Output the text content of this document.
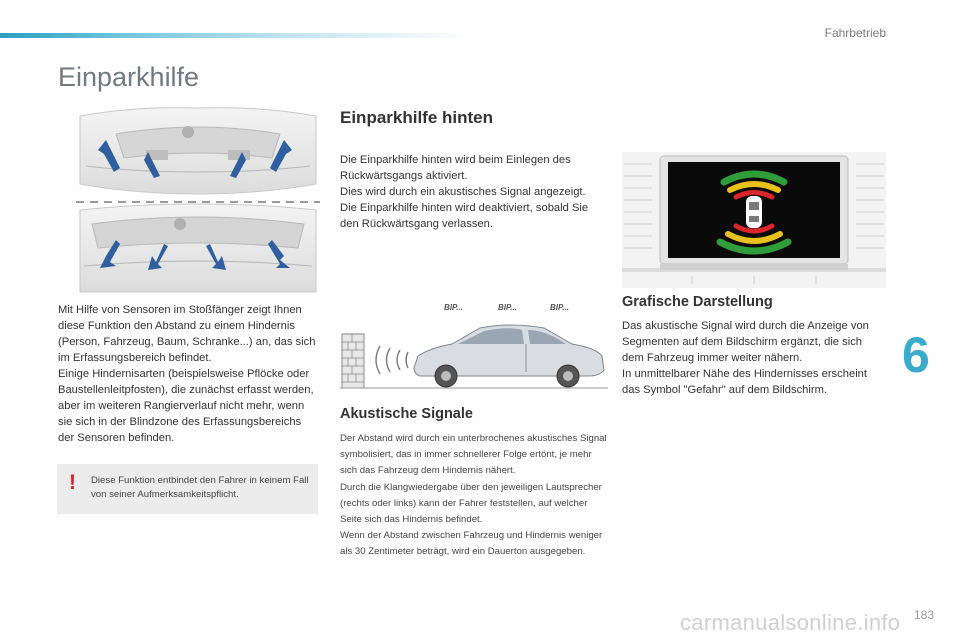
Fahrbetrieb
6
Einparkhilfe

Mit Hilfe von Sensoren im Stoßfänger zeigt Ihnen diese Funktion den Abstand zu einem Hindernis (Person, Fahrzeug, Baum, Schranke...) an, das sich im Erfassungsbereich befindet.

Einige Hindernisarten (beispielsweise Pflöcke oder Baustellenleitpfosten), die zunächst erfasst werden, aber im weiteren Rangierverlauf nicht mehr, wenn sie sich in der Blindzone des Erfassungsbereichs der Sensoren befinden.

! Diese Funktion entbindet den Fahrer in keinem Fall von seiner Aufmerksamkeitspflicht.
Einparkhilfe hinten

Die Einparkhilfe hinten wird beim Einlegen des Rückwärtsgangs aktiviert.

Dies wird durch ein akustisches Signal angezeigt.

Die Einparkhilfe hinten wird deaktiviert, sobald Sie den Rückwärtsgang verlassen.

BIP...	BIP...	BIP...
Akustische Signale

Der Abstand wird durch ein unterbrochenes akustisches Signal symbolisiert, das in immer schnellerer Folge ertönt, je mehr sich das Fahrzeug dem Hindernis nähert.

Durch die Klangwiedergabe über den jeweiligen Lautsprecher (rechts oder links) kann der Fahrer feststellen, auf welcher Seite sich das Hindernis befindet.

Wenn der Abstand zwischen Fahrzeug und Hindernis weniger als 30 Zentimeter beträgt, wird ein Dauerton ausgegeben.

Grafische Darstellung

Das akustische Signal wird durch die Anzeige von Segmenten auf dem Bildschirm ergänzt, die sich dem Fahrzeug immer weiter nähern.

In unmittelbarer Nähe des Hindernisses erscheint das Symbol "Gefahr" auf dem Bildschirm.

carmanualsonline.info 183
